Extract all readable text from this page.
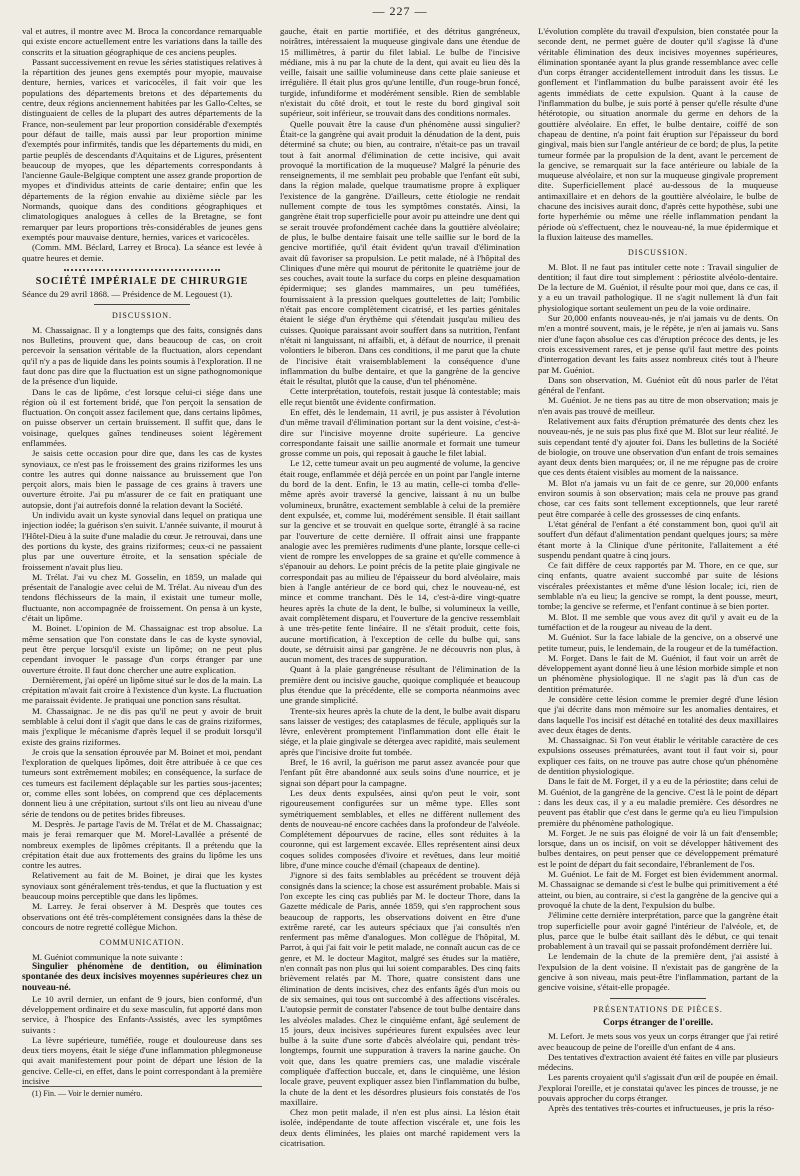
— 227 —

val et autres, il montre avec M. Broca la concordance remarquable qui existe encore actuellement entre les variations dans la taille des conscrits et la situation géographique de ces anciens peuples.

Passant successivement en revue les séries statistiques relatives à la répartition des jeunes gens exemptés pour myopie, mauvaise denture, hernies, varices et varicocèles, il fait voir que les populations des départements bretons et des départements du centre, deux régions anciennement habitées par les Gallo-Celtes, se distinguaient de celles de la plupart des autres départements de la France, non-seulement par leur proportion considérable d'exemptés pour défaut de taille, mais aussi par leur proportion minime d'exemptés pour infirmités, tandis que les départements du midi, en partie peuplés de descendants d'Aquitains et de Ligures, présentent beaucoup de myopes, que les départements correspondants à l'ancienne Gaule-Belgique comptent une assez grande proportion de myopes et d'individus atteints de carie dentaire; enfin que les départements de la région envahie au dixième siècle par les Normands, quoique dans des conditions géographiques et climatologiques analogues à celles de la Bretagne, se font remarquer par leurs proportions très-considérables de jeunes gens exemptés pour mauvaise denture, hernies, varices et varicocèles.

(Comm. MM. Béclard, Larrey et Broca). La séance est levée à quatre heures et demie.

SOCIÉTÉ IMPÉRIALE DE CHIRURGIE
Séance du 29 avril 1868. — Présidence de M. Legouest (1).
DISCUSSION.

M. Chassaignac. Il y a longtemps que des faits, consignés dans nos Bulletins, prouvent que, dans beaucoup de cas, on croit percevoir la sensation véritable de la fluctuation, alors cependant qu'il n'y a pas de liquide dans les points soumis à l'exploration. Il ne faut donc pas dire que la fluctuation est un signe pathognomonique de la présence d'un liquide.

Dans le cas de lipôme, c'est lorsque celui-ci siége dans une région où il est fortement bridé, que l'on perçoit la sensation de fluctuation. On conçoit assez facilement que, dans certains lipômes, on puisse observer un certain bruissement. Il suffit que, dans le voisinage, quelques gaînes tendineuses soient légèrement enflammées.

Je saisis cette occasion pour dire que, dans les cas de kystes synoviaux, ce n'est pas le froissement des grains riziformes les uns contre les autres qui donne naissance au bruissement que l'on perçoit alors, mais bien le passage de ces grains à travers une ouverture étroite. J'ai pu m'assurer de ce fait en pratiquant une autopsie, dont j'ai autrefois donné la relation devant la Société.

Un individu avait un kyste synovial dans lequel on pratiqua une injection iodée; la guérison s'en suivit. L'année suivante, il mourut à l'Hôtel-Dieu à la suite d'une maladie du cœur. Je retrouvai, dans une des portions du kyste, des grains riziformes; ceux-ci ne passaient plus par une ouverture étroite, et la sensation spéciale de froissement n'avait plus lieu.

M. Trélat. J'ai vu chez M. Gosselin, en 1859, un malade qui présentait de l'analogie avec celui de M. Trélat. Au niveau d'un des tendons fléchisseurs de la main, il existait une tumeur molle, fluctuante, non accompagnée de froissement. On pensa à un kyste, c'était un lipôme.

M. Boinet. L'opinion de M. Chassaignac est trop absolue. La même sensation que l'on constate dans le cas de kyste synovial, peut être perçue lorsqu'il existe un lipôme; on ne peut plus cependant invoquer le passage d'un corps étranger par une ouverture étroite. Il faut donc chercher une autre explication.

Dernièrement, j'ai opéré un lipôme situé sur le dos de la main. La crépitation m'avait fait croire à l'existence d'un kyste. La fluctuation me paraissait évidente. Je pratiquai une ponction sans résultat.

M. Chassaignac. Je ne dis pas qu'il ne peut y avoir de bruit semblable à celui dont il s'agit que dans le cas de grains riziformes, mais j'explique le mécanisme d'après lequel il se produit lorsqu'il existe des grains riziformes.

Je crois que la sensation éprouvée par M. Boinet et moi, pendant l'exploration de quelques lipômes, doit être attribuée à ce que ces tumeurs sont extrêmement mobiles; en conséquence, la surface de ces tumeurs est facilement déplaçable sur les parties sous-jacentes; or, comme elles sont lobées, on comprend que ces déplacements donnent lieu à une crépitation, surtout s'ils ont lieu au niveau d'une série de tendons ou de petites brides fibreuses.

M. Desprès. Je partage l'avis de M. Trélat et de M. Chassaignac; mais je ferai remarquer que M. Morel-Lavallée a présenté de nombreux exemples de lipômes crépitants. Il a prétendu que la crépitation était due aux frottements des grains du lipôme les uns contre les autres.

Relativement au fait de M. Boinet, je dirai que les kystes synoviaux sont généralement très-tendus, et que la fluctuation y est beaucoup moins perceptible que dans les lipômes.

M. Larrey. Je ferai observer à M. Desprès que toutes ces observations ont été très-complétement consignées dans la thèse de concours de notre regretté collègue Michon.

COMMUNICATION.

M. Guéniot communique la note suivante :

Singulier phénomène de dentition, ou élimination spontanée des deux incisives moyennes supérieures chez un nouveau-né.

Le 10 avril dernier, un enfant de 9 jours, bien conformé, d'un développement ordinaire et du sexe masculin, fut apporté dans mon service, à l'hospice des Enfants-Assistés, avec les symptômes suivants :

La lèvre supérieure, tuméfiée, rouge et douloureuse dans ses deux tiers moyens, était le siége d'une inflammation phlegmoneuse qui avait manifestement pour point de départ une lésion de la gencive. Celle-ci, en effet, dans le point correspondant à la première incisive

(1) Fin. — Voir le dernier numéro.

gauche, était en partie mortifiée, et des détritus gangréneux, noirâtres, intéressaient la muqueuse gingivale dans une étendue de 15 millimètres, à partir du filet labial. Le bulbe de l'incisive médiane, mis à nu par la chute de la dent, qui avait eu lieu dès la veille, faisait une saillie volumineuse dans cette plaie sanieuse et irrégulière. Il était plus gros qu'une lentille, d'un rouge-brun foncé, turgide, infundiforme et modérément sensible. Rien de semblable n'existait du côté droit, et tout le reste du bord gingival soit supérieur, soit inférieur, se trouvait dans des conditions normales.

Quelle pouvait être la cause d'un phénomène aussi singulier? Était-ce la gangrène qui avait produit la dénudation de la dent, puis déterminé sa chute; ou bien, au contraire, n'était-ce pas un travail tout à fait anormal d'élimination de cette incisive, qui avait provoqué la mortification de la muqueuse? Malgré la pénurie des renseignements, il me semblait peu probable que l'enfant eût subi, dans la région malade, quelque traumatisme propre à expliquer l'existence de la gangrène. D'ailleurs, cette étiologie ne rendait nullement compte de tous les symptômes constatés. Ainsi, la gangrène était trop superficielle pour avoir pu atteindre une dent qui se serait trouvée profondément cachée dans la gouttière alvéolaire; de plus, le bulbe dentaire faisait une telle saillie sur le bord de la gencive mortifiée, qu'il était évident qu'un travail d'élimination avait dû favoriser sa propulsion. Le petit malade, né à l'hôpital des Cliniques d'une mère qui mourut de péritonite le quatrième jour de ses couches, avait toute la surface du corps en pleine desquamation épidermique; ses glandes mammaires, un peu tuméfiées, fournissaient à la pression quelques gouttelettes de lait; l'ombilic n'était pas encore complètement cicatrisé, et les parties génitales étaient le siége d'un érythème qui s'étendait jusqu'au milieu des cuisses. Quoique paraissant avoir souffert dans sa nutrition, l'enfant n'était ni languissant, ni affaibli, et, à défaut de nourrice, il prenait volontiers le biberon. Dans ces conditions, il me parut que la chute de l'incisive était vraisemblablement la conséquence d'une inflammation du bulbe dentaire, et que la gangrène de la gencive était le résultat, plutôt que la cause, d'un tel phénomène.

Cette interprétation, toutefois, restait jusque là contestable; mais elle reçut bientôt une évidente confirmation.

En effet, dès le lendemain, 11 avril, je pus assister à l'évolution d'un même travail d'élimination portant sur la dent voisine, c'est-à-dire sur l'incisive moyenne droite supérieure. La gencive correspondante faisait une saillie anormale et formait une tumeur grosse comme un pois, qui reposait à gauche le filet labial.

Le 12, cette tumeur avait un peu augmenté de volume, la gencive était rouge, enflammée et déjà percée en un point par l'angle interne du bord de la dent. Enfin, le 13 au matin, celle-ci tomba d'elle-même après avoir traversé la gencive, laissant à nu un bulbe volumineux, brunâtre, exactement semblable à celui de la première dent expulsée, et, comme lui, modérément sensible. Il était saillant sur la gencive et se trouvait en quelque sorte, étranglé à sa racine par l'ouverture de cette dernière. Il offrait ainsi une frappante analogie avec les premières rudiments d'une plante, lorsque celle-ci vient de rompre les enveloppes de sa graine et qu'elle commence à s'épanouir au dehors. Le point précis de la petite plaie gingivale ne correspondait pas au milieu de l'épaisseur du bord alvéolaire, mais bien à l'angle antérieur de ce bord qui, chez le nouveau-né, est mince et comme tranchant. Dès le 14, c'est-à-dire vingt-quatre heures après la chute de la dent, le bulbe, si volumineux la veille, avait complètement disparu, et l'ouverture de la gencive ressemblait à une très-petite fente linéaire. Il ne s'était produit, cette fois, aucune mortification, à l'exception de celle du bulbe qui, sans doute, se détruisit ainsi par gangrène. Je ne découvris non plus, à aucun moment, des traces de suppuration.

Quant à la plaie gangréneuse résultant de l'élimination de la première dent ou incisive gauche, quoique compliquée et beaucoup plus étendue que la précédente, elle se comporta néanmoins avec une grande simplicité.

Trente-six heures après la chute de la dent, le bulbe avait disparu sans laisser de vestiges; des cataplasmes de fécule, appliqués sur la lèvre, enlevèrent promptement l'inflammation dont elle était le siége, et la plaie gingivale se détergea avec rapidité, mais seulement après que l'incisive droite fut tombée.

Bref, le 16 avril, la guérison me parut assez avancée pour que l'enfant pût être abandonné aux seuls soins d'une nourrice, et je signai son départ pour la campagne.

Les deux dents expulsées, ainsi qu'on peut le voir, sont rigoureusement configurées sur un même type. Elles sont symétriquement semblables, et elles ne diffèrent nullement des dents de nouveau-né encore cachées dans la profondeur de l'alvéole. Complétement dépourvues de racine, elles sont réduites à la couronne, qui est largement excavée. Elles représentent ainsi deux coques solides composées d'ivoire et revêtues, dans leur moitié libre, d'une mince couche d'émail (chapeaux de dentine).

J'ignore si des faits semblables au précédent se trouvent déjà consignés dans la science; la chose est assurément probable. Mais si l'on excepte les cinq cas publiés par M. le docteur Thore, dans la Gazette médicale de Paris, année 1859, qui s'en rapprochent sous beaucoup de rapports, les observations doivent en être d'une extrême rareté, car les auteurs spéciaux que j'ai consultés n'en renferment pas même d'analogues. Mon collègue de l'hôpital, M. Parrot, à qui j'ai fait voir le petit malade, ne connaît aucun cas de ce genre, et M. le docteur Magitot, malgré ses études sur la matière, n'en connaît pas non plus qui lui soient comparables. Des cinq faits brièvement relatés par M. Thore, quatre consistent dans une élimination de dents incisives, chez des enfants âgés d'un mois ou de six semaines, qui tous ont succombé à des affections viscérales. L'autopsie permit de constater l'absence de tout bulbe dentaire dans les alvéoles malades. Chez le cinquième enfant, âgé seulement de 15 jours, deux incisives supérieures furent expulsées avec leur bulbe à la suite d'une sorte d'abcès alvéolaire qui, pendant très-longtemps, fournit une suppuration à travers la narine gauche. On voit que, dans les quatre premiers cas, une maladie viscérale compliquée d'affection buccale, et, dans le cinquième, une lésion locale grave, peuvent expliquer assez bien l'inflammation du bulbe, la chute de la dent et les désordres plusieurs fois constatés de l'os maxillaire.

Chez mon petit malade, il n'en est plus ainsi. La lésion était isolée, indépendante de toute affection viscérale et, une fois les deux dents éliminées, les plaies ont marché rapidement vers la cicatrisation.

L'évolution complète du travail d'expulsion, bien constatée pour la seconde dent, ne permet guère de douter qu'il s'agisse là d'une véritable élimination des deux incisives moyennes supérieures, élimination spontanée ayant la plus grande ressemblance avec celle d'un corps étranger accidentellement introduit dans les tissus. Le gonflement et l'inflammation du bulbe paraissent avoir été les agents immédiats de cette expulsion. Quant à la cause de l'inflammation du bulbe, je suis porté à penser qu'elle résulte d'une hétérotopie, ou situation anormale du germe en dehors de la gouttière alvéolaire. En effet, le bulbe dentaire, coiffé de son chapeau de dentine, n'a point fait éruption sur l'épaisseur du bord gingival, mais bien sur l'angle antérieur de ce bord; de plus, la petite tumeur formée par la propulsion de la dent, avant le percement de la gencive, se remarquait sur la face antérieure ou labiale de la muqueuse alvéolaire, et non sur la muqueuse gingivale proprement dite. Superficiellement placé au-dessous de la muqueuse antimaxillaire et en dehors de la gouttière alvéolaire, le bulbe de chacune des incisives aurait donc, d'après cette hypothèse, subi une forte hyperhémie ou même une réelle inflammation pendant la période où s'effectuent, chez le nouveau-né, la mue épidermique et la fluxion laiteuse des mamelles.

DISCUSSION.

M. Blot. Il ne faut pas intituler cette note : Travail singulier de dentition; il faut dire tout simplement : périostite alvéolo-dentaire. De la lecture de M. Guéniot, il résulte pour moi que, dans ce cas, il y a eu un travail pathologique. Il ne s'agit nullement là d'un fait physiologique sortant seulement un peu de la voie ordinaire.

Sur 20,000 enfants nouveau-nés, je n'ai jamais vu de dents. On m'en a montré souvent, mais, je le répète, je n'en ai jamais vu. Sans nier d'une façon absolue ces cas d'éruption précoce des dents, je les crois excessivement rares, et je pense qu'il faut mettre des points d'interrogation devant les faits assez nombreux cités tout à l'heure par M. Guéniot.

Dans son observation, M. Guéniot eût dû nous parler de l'état général de l'enfant.

M. Guéniot. Je ne tiens pas au titre de mon observation; mais je n'en avais pas trouvé de meilleur.

Relativement aux faits d'éruption prématurée des dents chez les nouveau-nés, je ne suis pas plus fixé que M. Blot sur leur réalité. Je suis cependant tenté d'y ajouter foi. Dans les bulletins de la Société de biologie, on trouve une observation d'un enfant de trois semaines ayant deux dents bien marquées; or, il ne me répugne pas de croire que ces dents étaient visibles au moment de la naissance.

M. Blot n'a jamais vu un fait de ce genre, sur 20,000 enfants environ soumis à son observation; mais cela ne prouve pas grand chose, car ces faits sont tellement exceptionnels, que leur rareté peut être comparée à celle des grossesses de cinq enfants.

L'état général de l'enfant a été constamment bon, quoi qu'il ait souffert d'un défaut d'alimentation pendant quelques jours; sa mère étant morte à la Clinique d'une péritonite, l'allaitement a été suspendu pendant quatre à cinq jours.

Ce fait diffère de ceux rapportés par M. Thore, en ce que, sur cinq enfants, quatre avaient succombé par suite de lésions viscérales préexistantes et même d'une lésion locale; ici, rien de semblable n'a eu lieu; la gencive se rompt, la dent pousse, meurt, tombe; la gencive se referme, et l'enfant continue à se bien porter.

M. Blot. Il me semble que vous avez dit qu'il y avait eu de la tuméfaction et de la rougeur au niveau de la dent.

M. Guéniot. Sur la face labiale de la gencive, on a observé une petite tumeur, puis, le lendemain, de la rougeur et de la tuméfaction.

M. Forget. Dans le fait de M. Guéniot, il faut voir un arrêt de développement ayant donné lieu à une lésion morbide simple et non un phénomène physiologique. Il ne s'agit pas là d'un cas de dentition prématurée.

Je considère cette lésion comme le premier degré d'une lésion que j'ai décrite dans mon mémoire sur les anomalies dentaires, et dans laquelle l'os incisif est détaché en totalité des deux maxillaires avec deux étages de dents.

M. Chassaignac. Si l'on veut établir le véritable caractère de ces expulsions osseuses prématurées, avant tout il faut voir si, pour expliquer ces faits, on ne trouve pas autre chose qu'un phénomène de dentition physiologique.

Dans le fait de M. Forget, il y a eu de la périostite; dans celui de M. Guéniot, de la gangrène de la gencive. C'est là le point de départ : dans les deux cas, il y a eu maladie première. Ces désordres ne peuvent pas établir que c'est dans le germe qu'a eu lieu l'impulsion première du phénomène pathologique.

M. Forget. Je ne suis pas éloigné de voir là un fait d'ensemble; lorsque, dans un os incisif, on voit se développer hâtivement des bulbes dentaires, on peut penser que ce développement prématuré est le point de départ du fait secondaire, l'ébranlement de l'os.

M. Guéniot. Le fait de M. Forget est bien évidemment anormal. M. Chassaignac se demande si c'est le bulbe qui primitivement a été atteint, ou bien, au contraire, si c'est la gangrène de la gencive qui a provoqué la chute de la dent, l'expulsion du bulbe.

J'élimine cette dernière interprétation, parce que la gangrène était trop superficielle pour avoir gagné l'intérieur de l'alvéole, et, de plus, parce que le bulbe était saillant dès le début, ce qui tenait probablement à un travail qui se passait profondément derrière lui.

Le lendemain de la chute de la première dent, j'ai assisté à l'expulsion de la dent voisine. Il n'existait pas de gangrène de la gencive à son niveau, mais peut-être l'inflammation, partant de la gencive voisine, s'était-elle propagée.

PRÉSENTATIONS DE PIÈCES.
Corps étranger de l'oreille.

M. Lefort. Je mets sous vos yeux un corps étranger que j'ai retiré avec beaucoup de peine de l'oreille d'un enfant de 4 ans.

Des tentatives d'extraction avaient été faites en ville par plusieurs médecins.

Les parents croyaient qu'il s'agissait d'un œil de poupée en émail. J'explorai l'oreille, et je constatai qu'avec les pinces de trousse, je ne pouvais approcher du corps étranger.

Après des tentatives très-courtes et infructueuses, je pris la réso-
